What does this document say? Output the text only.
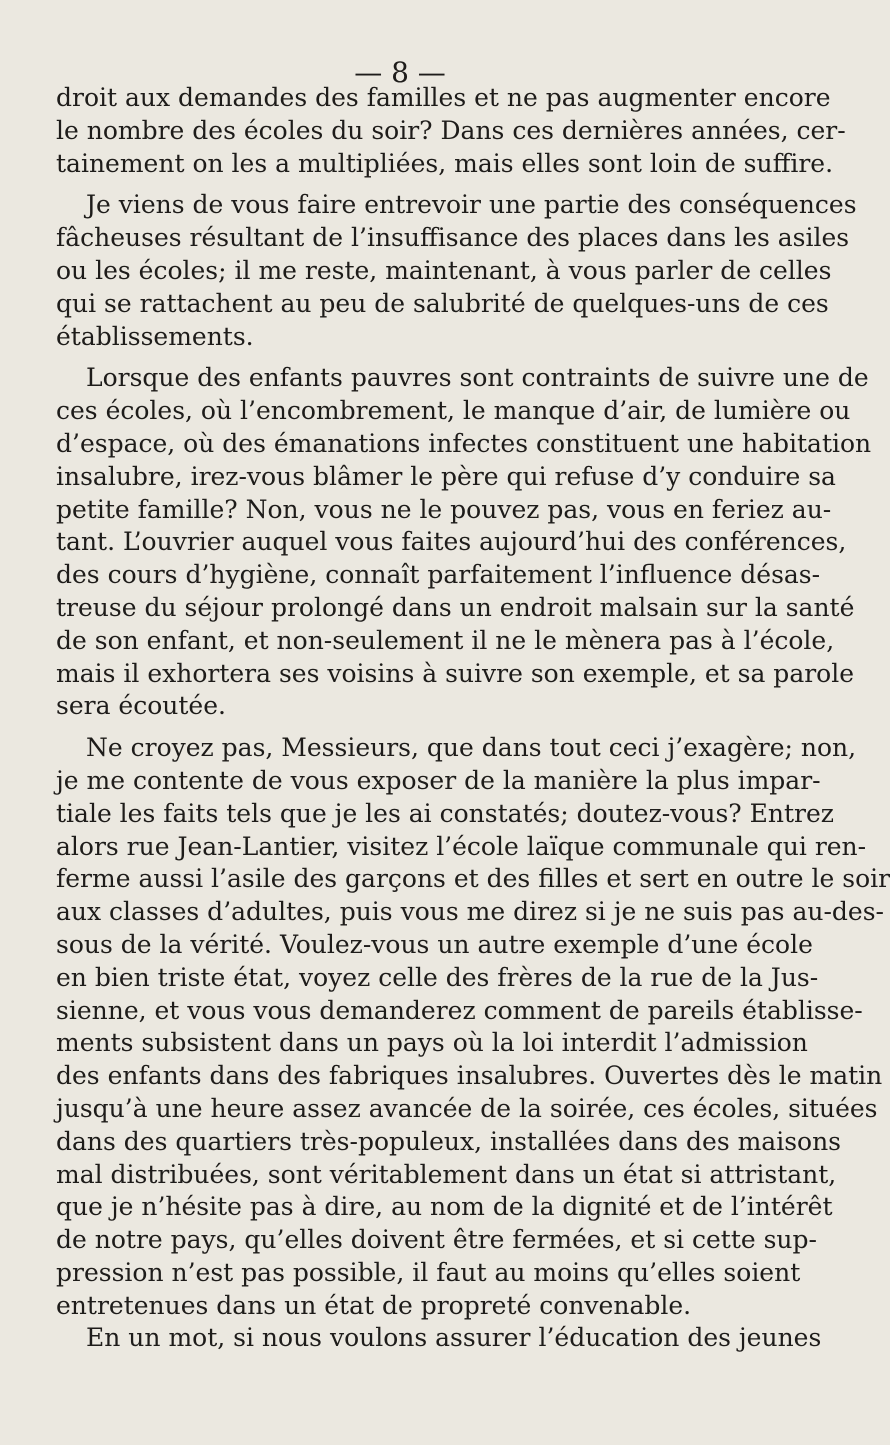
— 8 —
droit aux demandes des familles et ne pas augmenter encore
le nombre des écoles du soir? Dans ces dernières années, cer-
tainement on les a multipliées, mais elles sont loin de suffire.
Je viens de vous faire entrevoir une partie des conséquences
fâcheuses résultant de l’insuffisance des places dans les asiles
ou les écoles; il me reste, maintenant, à vous parler de celles
qui se rattachent au peu de salubrité de quelques-uns de ces
établissements.
Lorsque des enfants pauvres sont contraints de suivre une de
ces écoles, où l’encombrement, le manque d’air, de lumière ou
d’espace, où des émanations infectes constituent une habitation
insalubre, irez-vous blâmer le père qui refuse d’y conduire sa
petite famille? Non, vous ne le pouvez pas, vous en feriez au-
tant. L’ouvrier auquel vous faites aujourd’hui des conférences,
des cours d’hygiène, connaît parfaitement l’influence désas-
treuse du séjour prolongé dans un endroit malsain sur la santé
de son enfant, et non-seulement il ne le mènera pas à l’école,
mais il exhortera ses voisins à suivre son exemple, et sa parole
sera écoutée.
Ne croyez pas, Messieurs, que dans tout ceci j’exagère; non,
je me contente de vous exposer de la manière la plus impar-
tiale les faits tels que je les ai constatés; doutez-vous? Entrez
alors rue Jean-Lantier, visitez l’école laïque communale qui ren-
ferme aussi l’asile des garçons et des filles et sert en outre le soir
aux classes d’adultes, puis vous me direz si je ne suis pas au-des-
sous de la vérité. Voulez-vous un autre exemple d’une école
en bien triste état, voyez celle des frères de la rue de la Jus-
sienne, et vous vous demanderez comment de pareils établisse-
ments subsistent dans un pays où la loi interdit l’admission
des enfants dans des fabriques insalubres. Ouvertes dès le matin
jusqu’à une heure assez avancée de la soirée, ces écoles, situées
dans des quartiers très-populeux, installées dans des maisons
mal distribuées, sont véritablement dans un état si attristant,
que je n’hésite pas à dire, au nom de la dignité et de l’intérêt
de notre pays, qu’elles doivent être fermées, et si cette sup-
pression n’est pas possible, il faut au moins qu’elles soient
entretenues dans un état de propreté convenable.
En un mot, si nous voulons assurer l’éducation des jeunes
